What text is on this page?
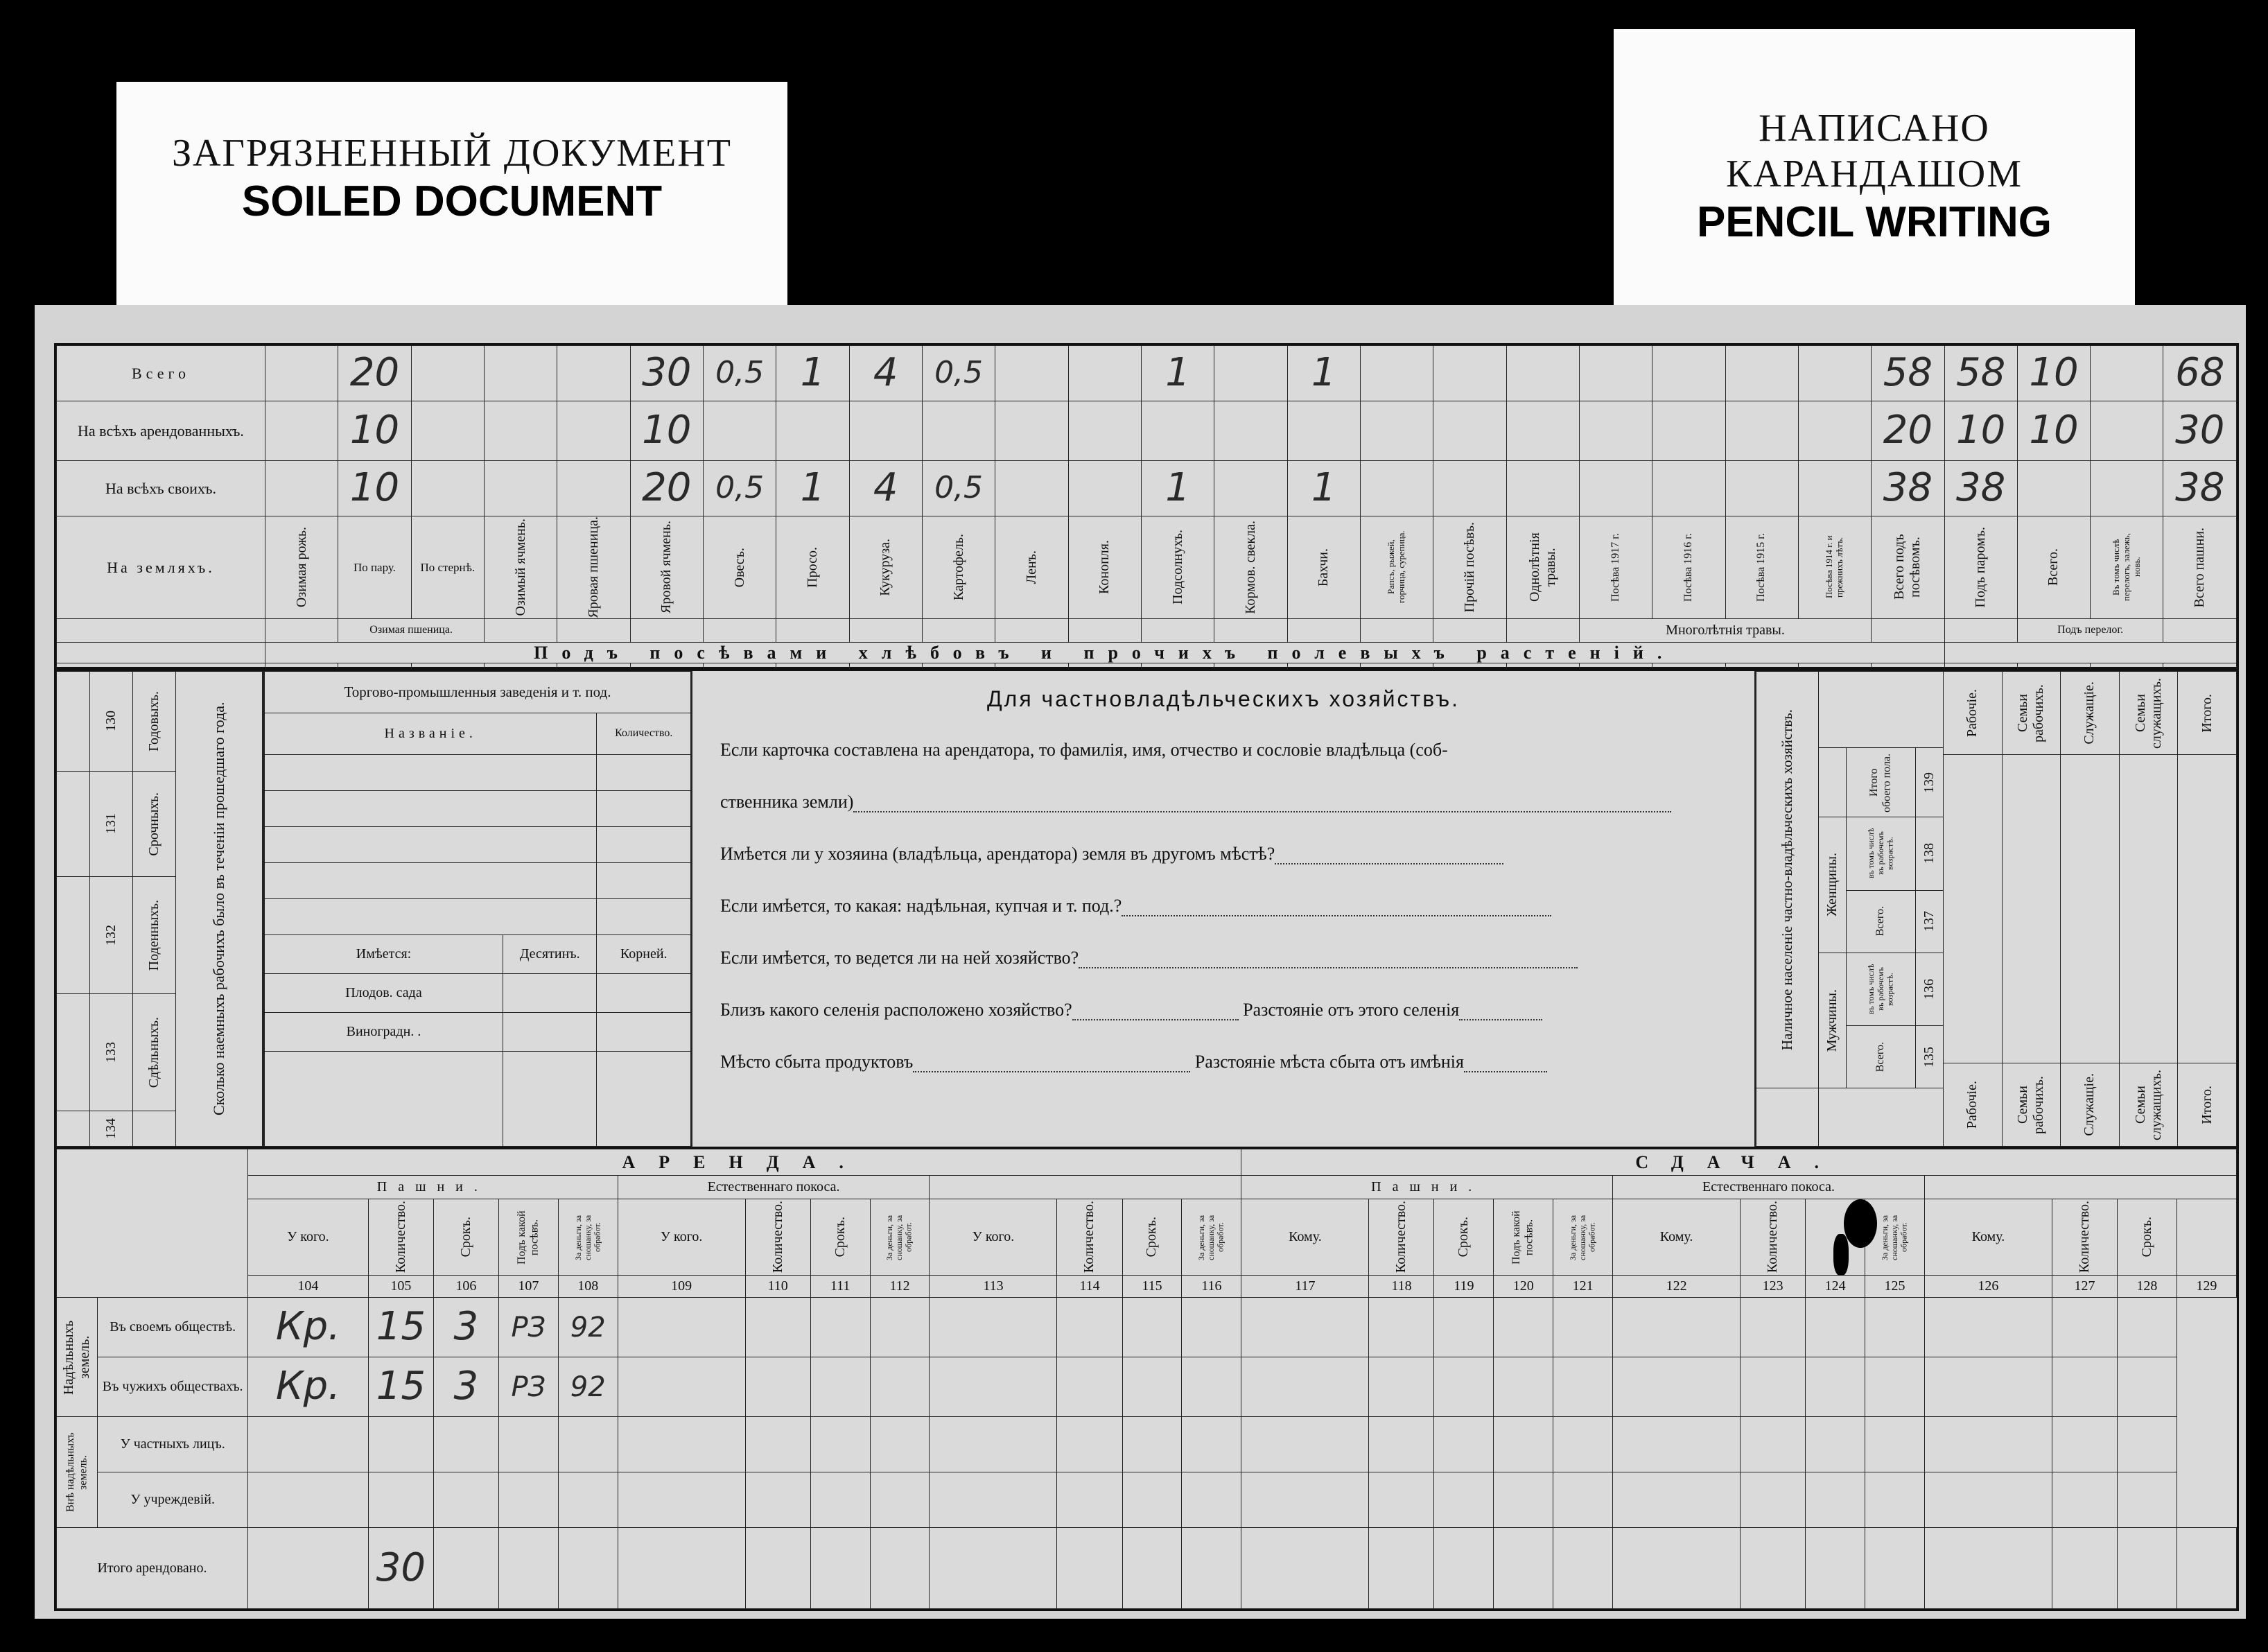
ЗАГРЯЗНЕННЫЙ ДОКУМЕНТ
SOILED DOCUMENT
НАПИСАНО
КАРАНДАШОМ
PENCIL WRITING
Всего		20				30	0,5	1	4	0,5			1		1								58	58	10		68
На всѣхъ арендованныхъ.		10				10																	20	10	10		30
На всѣхъ своихъ.		10				20	0,5	1	4	0,5			1		1								38	38			38
На земляхъ.	Озимая рожь.	По пару.	По стернѣ.	Озимый ячмень.	Яровая пшеница.	Яровой ячмень.	Овесъ.	Просо.	Кукуруза.	Картофель.	Ленъ.	Конопля.	Подсолнухъ.	Кормов. свекла.	Бахчи.	Рапсъ, рыжей, горчица, сурепица.	Прочій посѣвъ.	Однолѣтнія травы.	Посѣва 1917 г.	Посѣва 1916 г.	Посѣва 1915 г.	Посѣва 1914 г. и прежнихъ лѣтъ.	Всего подъ посѣвомъ.	Подъ паромъ.	Всего.	Въ томъ числѣ перелогъ, залежь, новь.	Всего пашни.

		Озимая пшеница.																	Многолѣтнія травы.						Подъ перелог.		
	Подъ посѣвами хлѣбовъ и прочихъ полевыхъ растеній.																										

	130	Годовыхъ.	Сколько наемныхъ рабочихъ было въ теченіи прошедшаго года.

	131	Срочныхъ.	

	132	Поденныхъ.	

	133	Сдѣльныхъ.	

	134		

Торгово-промышленныя заведенія и т. под.		
Названіе.		Количество.

Имѣется:	Десятинъ.	Корней.
Плодов. сада		
Виноградн. .		

Для частновладѣльческихъ хозяйствъ.
Если карточка составлена на арендатора, то фамилія, имя, отчество и сословіе владѣльца (соб-
ственника земли)
Имѣется ли у хозяина (владѣльца, арендатора) земля въ другомъ мѣстѣ?
Если имѣется, то какая: надѣльная, купчая и т. под.?
Если имѣется, то ведется ли на ней хозяйство?
Близъ какого селенія расположено хозяйство?	Разстояніе отъ этого селенія
Мѣсто сбыта продуктовъ	Разстояніе мѣста сбыта отъ имѣнія
Наличное населеніе частно-владѣльческихъ хозяйствъ.			

		Итого обоего пола.	139

	Женщины.	въ томъ числѣ въ рабочемъ возрастѣ.	138

		Всего.	137

	Мужчины.	въ томъ числѣ въ рабочемъ возрастѣ.	136

		Всего.	135

Рабочіе.	Семьи рабочихъ.	Служащіе.	Семьи служащихъ.	Итого.

Рабочіе.	Семьи рабочихъ.	Служащіе.	Семьи служащихъ.	Итого.
		АРЕНДА.													СДАЧА.												
		Пашни.					Естественнаго покоса.								Пашни.					Естественнаго покоса.							
		У кого.	Количество.	Срокъ.	Подъ какой посѣвъ.	За деньги, за сношанку, за обработ.	У кого.	Количество.	Срокъ.	За деньги, за сношанку, за обработ.	У кого.	Количество.	Срокъ.	За деньги, за сношанку, за обработ.	Кому.	Количество.	Срокъ.	Подъ какой посѣвъ.	За деньги, за сношанку, за обработ.	Кому.	Количество.		За деньги, за сношанку, за обработ.	Кому.	Количество.	Срокъ.	

		104	105	106	107	108	109	110	111	112	113	114	115	116	117	118	119	120	121	122	123	124	125	126	127	128	129

Надѣльныхъ земель.	Въ своемъ обществѣ.	Кр.	15	3	РЗ	92																					
	Въ чужихъ обществахъ.	Кр.	15	3	РЗ	92																					

Внѣ надѣльныхъ земель.	У частныхъ лицъ.																										
	У учреждевій.																										
Итого арендовано.			30																								
